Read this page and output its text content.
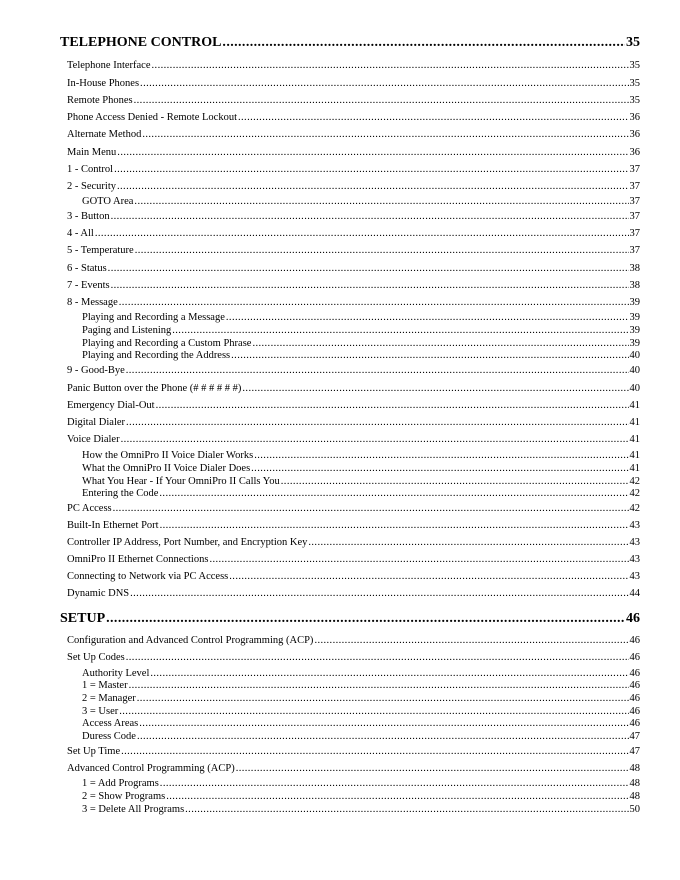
TELEPHONE CONTROL .....	35
Telephone Interface .....	35
In-House Phones .....	35
Remote Phones .....	35
Phone Access Denied - Remote Lockout .....	36
Alternate Method .....	36
Main Menu .....	36
1 - Control .....	37
2 - Security .....	37
GOTO Area .....	37
3 - Button .....	37
4 - All .....	37
5 - Temperature .....	37
6 - Status .....	38
7 - Events .....	38
8 - Message .....	39
Playing and Recording a Message .....	39
Paging and Listening .....	39
Playing and Recording a Custom Phrase .....	39
Playing and Recording the Address .....	40
9 - Good-Bye .....	40
Panic Button over the Phone (# # # # # #) .....	40
Emergency Dial-Out .....	41
Digital Dialer .....	41
Voice Dialer .....	41
How the OmniPro II Voice Dialer Works .....	41
What the OmniPro II Voice Dialer Does .....	41
What You Hear - If Your OmniPro II Calls You .....	42
Entering the Code .....	42
PC Access .....	42
Built-In Ethernet Port .....	43
Controller IP Address, Port Number, and Encryption Key .....	43
OmniPro II Ethernet Connections .....	43
Connecting to Network via PC Access .....	43
Dynamic DNS .....	44
SETUP .....	46
Configuration and Advanced Control Programming (ACP) .....	46
Set Up Codes .....	46
Authority Level .....	46
1 = Master .....	46
2 = Manager .....	46
3 = User .....	46
Access Areas .....	46
Duress Code .....	47
Set Up Time .....	47
Advanced Control Programming (ACP) .....	48
1 = Add Programs .....	48
2 = Show Programs .....	48
3 = Delete All Programs .....	50
